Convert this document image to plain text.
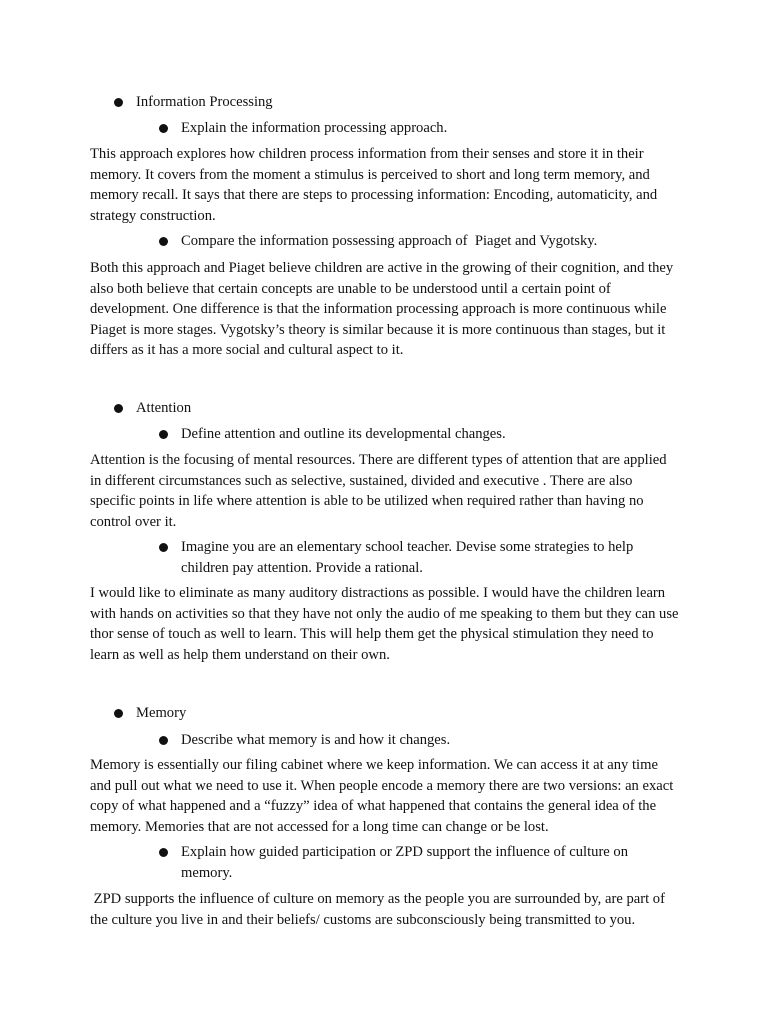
Information Processing
Explain the information processing approach.
This approach explores how children process information from their senses and store it in their memory. It covers from the moment a stimulus is perceived to short and long term memory, and memory recall. It says that there are steps to processing information: Encoding, automaticity, and strategy construction.
Compare the information possessing approach of  Piaget and Vygotsky.
Both this approach and Piaget believe children are active in the growing of their cognition, and they also both believe that certain concepts are unable to be understood until a certain point of development. One difference is that the information processing approach is more continuous while Piaget is more stages. Vygotsky’s theory is similar because it is more continuous than stages, but it differs as it has a more social and cultural aspect to it.
Attention
Define attention and outline its developmental changes.
Attention is the focusing of mental resources. There are different types of attention that are applied in different circumstances such as selective, sustained, divided and executive . There are also specific points in life where attention is able to be utilized when required rather than having no control over it.
Imagine you are an elementary school teacher. Devise some strategies to help children pay attention. Provide a rational.
I would like to eliminate as many auditory distractions as possible. I would have the children learn with hands on activities so that they have not only the audio of me speaking to them but they can use thor sense of touch as well to learn. This will help them get the physical stimulation they need to learn as well as help them understand on their own.
Memory
Describe what memory is and how it changes.
Memory is essentially our filing cabinet where we keep information. We can access it at any time and pull out what we need to use it. When people encode a memory there are two versions: an exact copy of what happened and a “fuzzy” idea of what happened that contains the general idea of the memory. Memories that are not accessed for a long time can change or be lost.
Explain how guided participation or ZPD support the influence of culture on memory.
ZPD supports the influence of culture on memory as the people you are surrounded by, are part of the culture you live in and their beliefs/ customs are subconsciously being transmitted to you.
